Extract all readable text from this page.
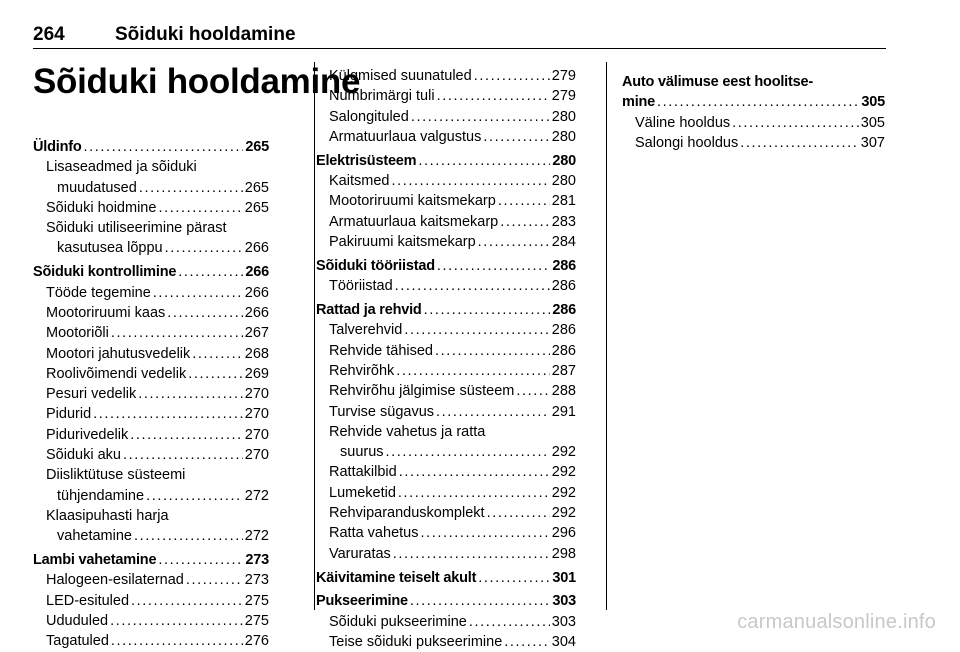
264	Sõiduki hooldamine
Sõiduki hooldamine
Üldinfo .....	265
Lisaseadmed ja sõiduki
muudatused .....	265
Sõiduki hoidmine .....	265
Sõiduki utiliseerimine pärast
kasutusea lõppu .....	266
Sõiduki kontrollimine .....	266
Tööde tegemine .....	266
Mootoriruumi kaas .....	266
Mootoriõli .....	267
Mootori jahutusvedelik .....	268
Roolivõimendi vedelik .....	269
Pesuri vedelik .....	270
Pidurid .....	270
Pidurivedelik .....	270
Sõiduki aku .....	270
Diisliktütuse süsteemi
tühjendamine .....	272
Klaasipuhasti harja
vahetamine .....	272
Lambi vahetamine .....	273
Halogeen-esilaternad .....	273
LED-esituled .....	275
Ududuled .....	275
Tagatuled .....	276
Külgmised suunatuled .....	279
Numbrimärgi tuli .....	279
Salongituled .....	280
Armatuurlaua valgustus .....	280
Elektrisüsteem .....	280
Kaitsmed .....	280
Mootoriruumi kaitsmekarp .....	281
Armatuurlaua kaitsmekarp .....	283
Pakiruumi kaitsmekarp .....	284
Sõiduki tööriistad .....	286
Tööriistad .....	286
Rattad ja rehvid .....	286
Talverehvid .....	286
Rehvide tähised .....	286
Rehvirõhk .....	287
Rehvirõhu jälgimise süsteem .....	288
Turvise sügavus .....	291
Rehvide vahetus ja ratta
suurus .....	292
Rattakilbid .....	292
Lumeketid .....	292
Rehviparanduskomplekt .....	292
Ratta vahetus .....	296
Varuratas .....	298
Käivitamine teiselt akult .....	301
Pukseerimine .....	303
Sõiduki pukseerimine .....	303
Teise sõiduki pukseerimine .....	304
Auto välimuse eest hoolitse-
mine .....	305
Väline hooldus .....	305
Salongi hooldus .....	307
carmanualsonline.info
